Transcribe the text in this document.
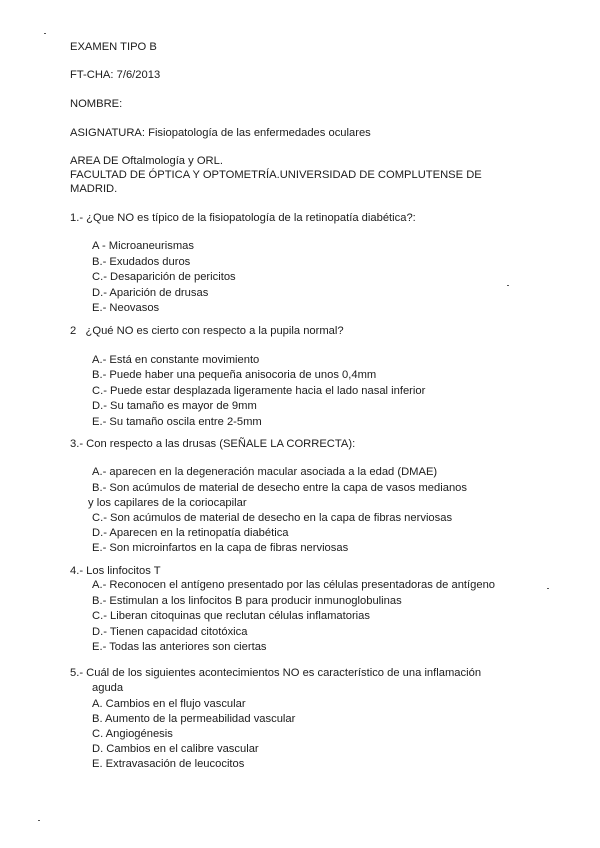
EXAMEN TIPO B
FT-CHA: 7/6/2013
NOMBRE:
ASIGNATURA: Fisiopatología de las enfermedades oculares
AREA DE Oftalmología y ORL.
FACULTAD DE ÓPTICA Y OPTOMETRÍA.UNIVERSIDAD DE COMPLUTENSE DE
MADRID.
1.- ¿Que NO es típico de la fisiopatología de la retinopatía diabética?:
A - Microaneurismas
B.- Exudados duros
C.- Desaparición de pericitos
D.- Aparición de drusas
E.- Neovasos
2   ¿Qué NO es cierto con respecto a la pupila normal?
A.- Está en constante movimiento
B.- Puede haber una pequeña anisocoria de unos 0,4mm
C.- Puede estar desplazada ligeramente hacia el lado nasal inferior
D.- Su tamaño es mayor de 9mm
E.- Su tamaño oscila entre 2-5mm
3.- Con respecto a las drusas (SEÑALE LA CORRECTA):
A.- aparecen en la degeneración macular asociada a la edad (DMAE)
B.- Son acúmulos de material de desecho entre la capa de vasos medianos
y los capilares de la coriocapilar
C.- Son acúmulos de material de desecho en la capa de fibras nerviosas
D.- Aparecen en la retinopatía diabética
E.- Son microinfartos en la capa de fibras nerviosas
4.- Los linfocitos T
A.- Reconocen el antígeno presentado por las células presentadoras de antígeno
B.- Estimulan a los linfocitos B para producir inmunoglobulinas
C.- Liberan citoquinas que reclutan células inflamatorias
D.- Tienen capacidad citotóxica
E.- Todas las anteriores son ciertas
5.- Cuál de los siguientes acontecimientos NO es característico de una inflamación
aguda
A. Cambios en el flujo vascular
B. Aumento de la permeabilidad vascular
C. Angiogénesis
D. Cambios en el calibre vascular
E. Extravasación de leucocitos
